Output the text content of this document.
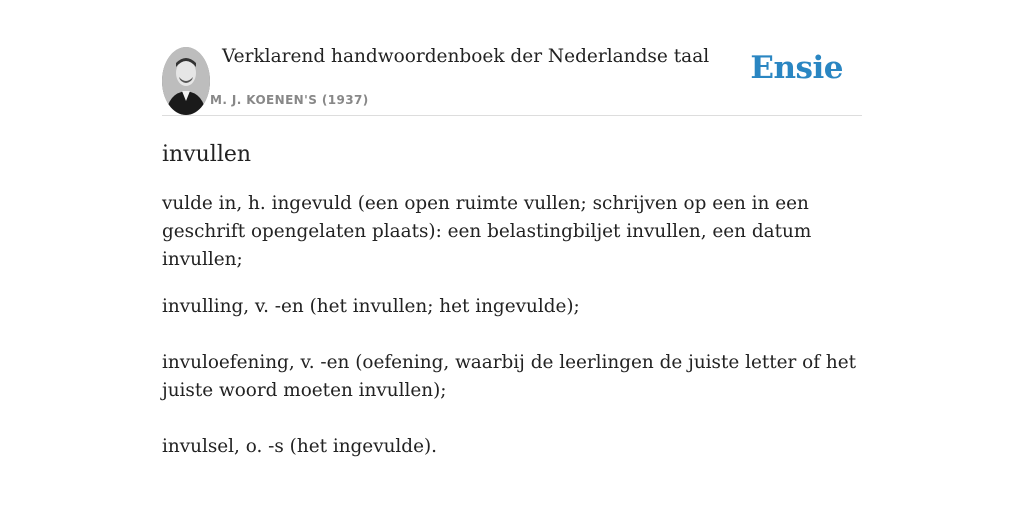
Verklarend handwoordenboek der Nederlandse taal
M. J. KOENEN'S (1937)
Ensie
invullen

vulde in, h. ingevuld (een open ruimte vullen; schrijven op een in een geschrift opengelaten plaats): een belastingbiljet invullen, een datum invullen;

invulling, v. -en (het invullen; het ingevulde);

invuloefening, v. -en (oefening, waarbij de leerlingen de juiste letter of het juiste woord moeten invullen);

invulsel, o. -s (het ingevulde).
